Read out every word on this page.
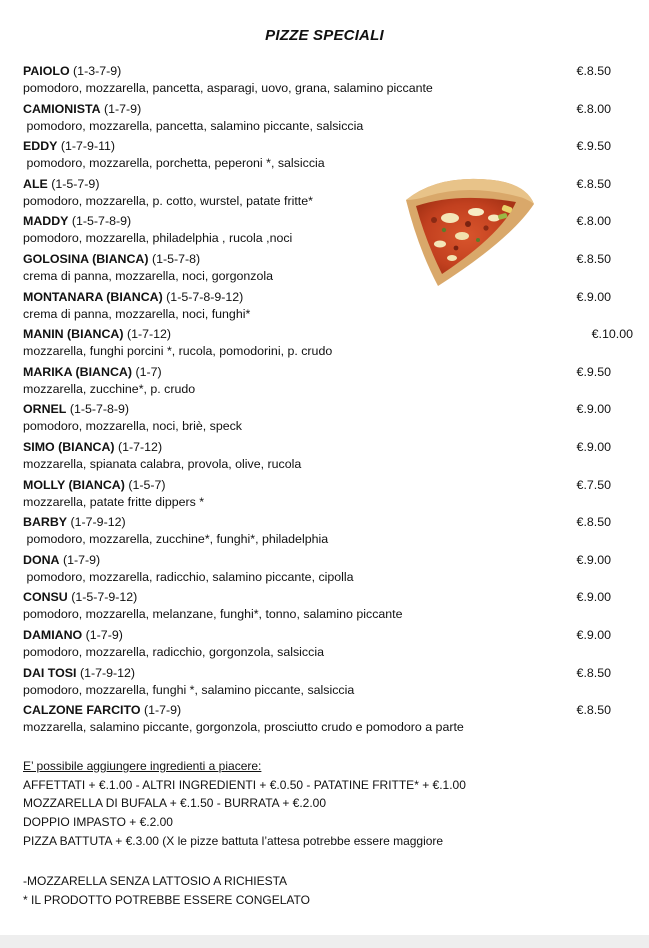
PIZZE SPECIALI
PAIOLO (1-3-7-9)	€.8.50
pomodoro, mozzarella, pancetta, asparagi, uovo, grana, salamino piccante
CAMIONISTA (1-7-9)	€.8.00
pomodoro, mozzarella, pancetta, salamino piccante, salsiccia
EDDY (1-7-9-11)	€.9.50
pomodoro, mozzarella, porchetta, peperoni *, salsiccia
ALE (1-5-7-9)	€.8.50
pomodoro, mozzarella, p. cotto, wurstel, patate fritte*
MADDY (1-5-7-8-9)	€.8.00
pomodoro, mozzarella, philadelphia , rucola ,noci
GOLOSINA (BIANCA) (1-5-7-8)	€.8.50
crema di panna, mozzarella, noci, gorgonzola
MONTANARA (BIANCA) (1-5-7-8-9-12)	€.9.00
crema di panna, mozzarella, noci, funghi*
MANIN (BIANCA) (1-7-12)	€.10.00
mozzarella, funghi porcini *, rucola, pomodorini, p. crudo
MARIKA (BIANCA) (1-7)	€.9.50
mozzarella, zucchine*, p. crudo
ORNEL (1-5-7-8-9)	€.9.00
pomodoro, mozzarella, noci, briè, speck
SIMO (BIANCA) (1-7-12)	€.9.00
mozzarella, spianata calabra, provola, olive, rucola
MOLLY (BIANCA) (1-5-7)	€.7.50
mozzarella, patate fritte dippers *
BARBY (1-7-9-12)	€.8.50
pomodoro, mozzarella, zucchine*, funghi*, philadelphia
DONA (1-7-9)	€.9.00
pomodoro, mozzarella, radicchio, salamino piccante, cipolla
CONSU (1-5-7-9-12)	€.9.00
pomodoro, mozzarella, melanzane, funghi*, tonno, salamino piccante
DAMIANO (1-7-9)	€.9.00
pomodoro, mozzarella, radicchio, gorgonzola, salsiccia
DAI TOSI (1-7-9-12)	€.8.50
pomodoro, mozzarella, funghi *, salamino piccante, salsiccia
CALZONE FARCITO (1-7-9)	€.8.50
mozzarella, salamino piccante, gorgonzola, prosciutto crudo e pomodoro a parte
E’ possibile aggiungere ingredienti a piacere:
AFFETTATI + €.1.00 - ALTRI INGREDIENTI + €.0.50 - PATATINE FRITTE* + €.1.00
MOZZARELLA DI BUFALA + €.1.50 - BURRATA + €.2.00
DOPPIO IMPASTO + €.2.00
PIZZA BATTUTA + €.3.00 (X le pizze battuta l’attesa potrebbe essere maggiore
-MOZZARELLA SENZA LATTOSIO A RICHIESTA
* IL PRODOTTO POTREBBE ESSERE CONGELATO
